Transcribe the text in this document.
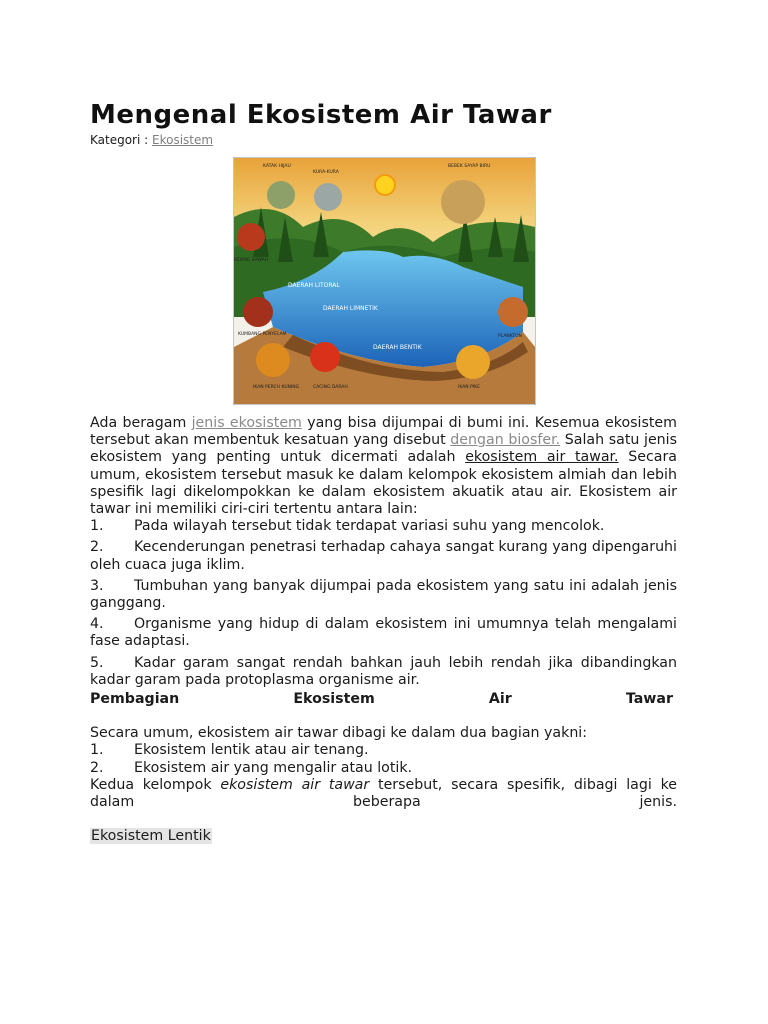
Mengenal Ekosistem Air Tawar
Kategori : Ekosistem
DAERAH LITORAL
DAERAH LIMNETIK
DAERAH BENTIK
KATAK HIJAU
KURA-KURA
BEBEK SAYAP BIRU
KEONG SAWAH
PLANKTON
KUMBANG PENYELAM
IKAN PERCH KUNING	CACING DARAH	IKAN PIKE

Ada beragam jenis ekosistem yang bisa dijumpai di bumi ini. Kesemua ekosistem tersebut akan membentuk kesatuan yang disebut dengan biosfer. Salah satu jenis ekosistem yang penting untuk dicermati adalah ekosistem air tawar. Secara umum, ekosistem tersebut masuk ke dalam kelompok ekosistem almiah dan lebih spesifik lagi dikelompokkan ke dalam ekosistem akuatik atau air. Ekosistem air tawar ini memiliki ciri-ciri tertentu antara lain:

1. Pada wilayah tersebut tidak terdapat variasi suhu yang mencolok.
2. Kecenderungan penetrasi terhadap cahaya sangat kurang yang dipengaruhi oleh cuaca juga iklim.
3. Tumbuhan yang banyak dijumpai pada ekosistem yang satu ini adalah jenis ganggang.
4. Organisme yang hidup di dalam ekosistem ini umumnya telah mengalami fase adaptasi.
5. Kadar garam sangat rendah bahkan jauh lebih rendah jika dibandingkan kadar garam pada protoplasma organisme air.
Pembagian	Ekosistem	Air	Tawar

Secara umum, ekosistem air tawar dibagi ke dalam dua bagian yakni:

1. Ekosistem lentik atau air tenang.
2. Ekosistem air yang mengalir atau lotik.

Kedua kelompok ekosistem air tawar tersebut, secara spesifik, dibagi lagi ke dalam beberapa jenis.

Ekosistem Lentik
